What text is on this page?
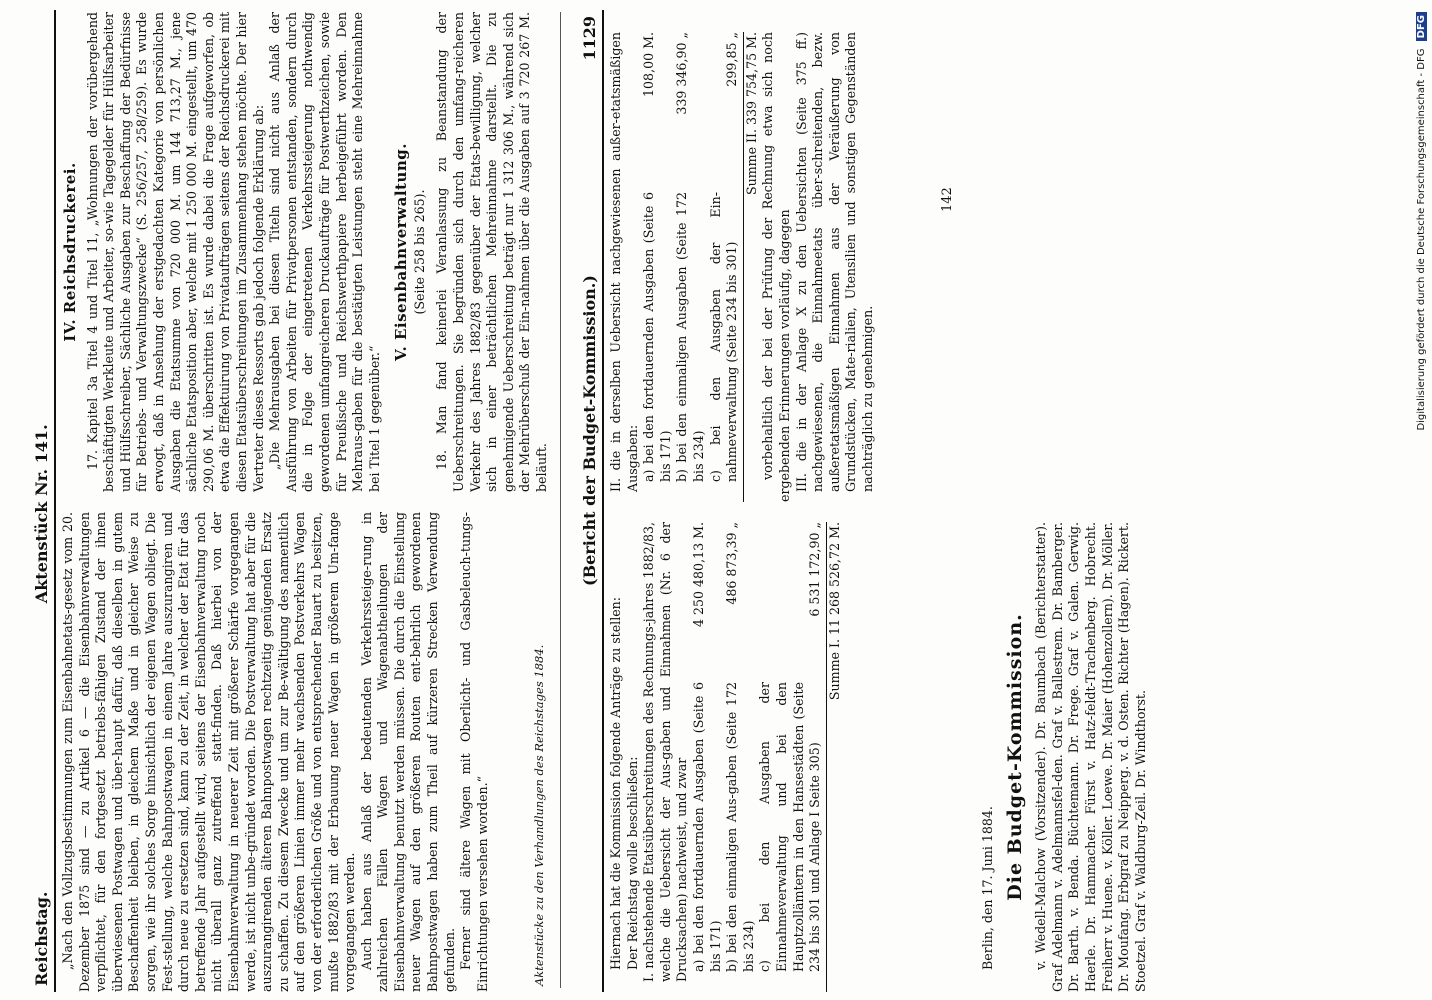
Reichstag.
Aktenstück Nr. 141. „Nach den Vollzugsbestimmungen zum Eisenbahnetats-gesetz vom 20. Dezember 1875 sind — zu Artikel 6 — die Eisenbahnverwaltungen verpflichtet, für den fortgesetzt betriebs-fähigen Zustand der ihnen überwiesenen Postwagen und über-haupt dafür, daß dieselben in gutem Beschaffenheit bleiben, in gleichem Maße und in gleicher Weise zu sorgen, wie ihr solches Sorge hinsichtlich der eigenen Wagen obliegt. Die Fest-stellung, welche Bahnpostwagen in einem Jahre auszurangiren und durch neue zu ersetzen sind, kann zu der Zeit, in welcher der Etat für das betreffende Jahr aufgestellt wird, seitens der Eisenbahnverwaltung noch nicht überall ganz zutreffend statt-finden. Daß hierbei von der Eisenbahnverwaltung in neuerer Zeit mit größerer Schärfe vorgegangen werde, ist nicht unbe-gründet worden. Die Postverwaltung hat aber für die auszurangirenden älteren Bahnpostwagen rechtzeitig genügenden Ersatz zu schaffen. Zu diesem Zwecke und um zur Be-wältigung des namentlich auf den größeren Linien immer mehr wachsenden Postverkehrs Wagen von der erforderlichen Größe und von entsprechender Bauart zu besitzen, mußte 1882/83 mit der Erbauung neuer Wagen in größerem Um-fange vorgegangen werden. Auch haben aus Anlaß der bedeutenden Verkehrssteige-rung in zahlreichen Fällen Wagen und Wagenabtheilungen der Eisenbahnverwaltung benutzt werden müssen. Die durch die Einstellung neuer Wagen auf den größeren Routen ent-behrlich gewordenen Bahnpostwagen haben zum Theil auf kürzeren Strecken Verwendung gefunden. Ferner sind ältere Wagen mit Oberlicht- und Gasbeleuch-tungs-Einrichtungen versehen worden.“

IV. Reichsdruckerei. 17. Kapitel 3a Titel 4 und Titel 11, „Wohnungen der vorübergehend beschäftigten Werkleute und Arbeiter, so-wie Tagegelder für Hülfsarbeiter und Hülfsschreiber, Sächliche Ausgaben zur Beschaffung der Bedürfnisse für Betriebs- und Verwaltungszwecke“ (S. 256/257, 258/259). Es wurde erwogt, daß in Ansehung der erstgedachten Kategorie von persönlichen Ausgaben die Etatsumme von 720 000 M. um 144 713,27 M., jene sächliche Etatsposition aber, welche mit 1 250 000 M. eingestellt, um 470 290,06 M. überschritten ist. Es wurde dabei die Frage aufgeworfen, ob etwa die Effektuirung von Privataufträgen seitens der Reichsdruckerei mit diesen Etatsüberschreitungen im Zusammenhang stehen möchte. Der hier Vertreter dieses Ressorts gab jedoch folgende Erklärung ab: „Die Mehrausgaben bei diesen Titeln sind nicht aus Anlaß der Ausführung von Arbeiten für Privatpersonen entstanden, sondern durch die in Folge der eingetretenen Verkehrssteigerung nothwendig gewordenen umfangreicheren Druckaufträge für Postwerthzeichen, sowie für Preußische und Reichswerthpapiere herbeigeführt worden. Den Mehraus-gaben für die bestätigten Leistungen steht eine Mehreinnahme bei Titel 1 gegenüber.“

V. Eisenbahnverwaltung. (Seite 258 bis 265). 18. Man fand keinerlei Veranlassung zu Beanstandung der Ueberschreitungen. Sie begründen sich durch den umfang-reicheren Verkehr des Jahres 1882/83 gegenüber der Etats-bewilligung, welcher sich in einer beträchtlichen Mehreinnahme darstellt. Die zu genehmigende Ueberschreitung beträgt nur 1 312 306 M., während sich der Mehrüberschuß der Ein-nahmen über die Ausgaben auf 3 720 267 M. beläuft.

Aktenstücke zu den Verhandlungen des Reichstages 1884.
(Bericht der Budget-Kommission.)
1129

Hiernach hat die Kommission folgende Anträge zu stellen: Der Reichstag wolle beschließen: I. nachstehende Etatsüberschreitungen des Rechnungs-jahres 1882/83, welche die Uebersicht der Aus-gaben und Einnahmen (Nr. 6 der Drucksachen) nachweist, und zwar a) bei den fortdauernden Ausgaben (Seite 6 bis 171)
4 250 480,13 M.
b) bei den einmaligen Aus-gaben (Seite 172 bis 234)
486 873,39 „
c) bei den Ausgaben der Einnahmeverwaltung und bei den Hauptzollämtern in den Hansestädten (Seite 234 bis 301 und Anlage I Seite 305)
6 531 172,90 „ Summe I. 11 268 526,72 M.

II. die in derselben Uebersicht nachgewiesenen außer-etatsmäßigen Ausgaben: a) bei den fortdauernden Ausgaben (Seite 6 bis 171)
108,00 M.
b) bei den einmaligen Ausgaben (Seite 172 bis 234)
339 346,90 „
c) bei den Ausgaben der Ein-nahmeverwaltung (Seite 234 bis 301)
299,85 „ Summe II. 339 754,75 M. vorbehaltlich der bei der Prüfung der Rechnung etwa sich noch ergebenden Erinnerungen vorläufig, dagegen III. die in der Anlage X zu den Uebersichten (Seite 375 ff.) nachgewiesenen, die Einnahmeetats über-schreitenden, bezw. außeretatsmäßigen Einnahmen aus der Veräußerung von Grundstücken, Mate-rialien, Utensilien und sonstigen Gegenständen nachträglich zu genehmigen.

Berlin, den 17. Juni 1884. Die Budget-Kommission. v. Wedell-Malchow (Vorsitzender). Dr. Baumbach (Berichterstatter). Graf Adelmann v. Adelmannsfel-den. Graf v. Ballestrem. Dr. Bamberger. Dr. Barth. v. Benda. Büchtemann. Dr. Frege. Graf v. Galen. Gerwig. Haerle. Dr. Hammacher. Fürst v. Hatz-feldt-Trachenberg. Hobrecht. Freiherr v. Huene. v. Köller. Loewe. Dr. Maier (Hohenzollern). Dr. Möller. Dr. Moufang. Erbgraf zu Neipperg. v. d. Osten. Richter (Hagen). Rickert. Stoetzel. Graf v. Waldburg-Zeil. Dr. Windthorst.

142	Digitalisierung gefördert durch die Deutsche Forschungsgemeinschaft - DFG DFG
